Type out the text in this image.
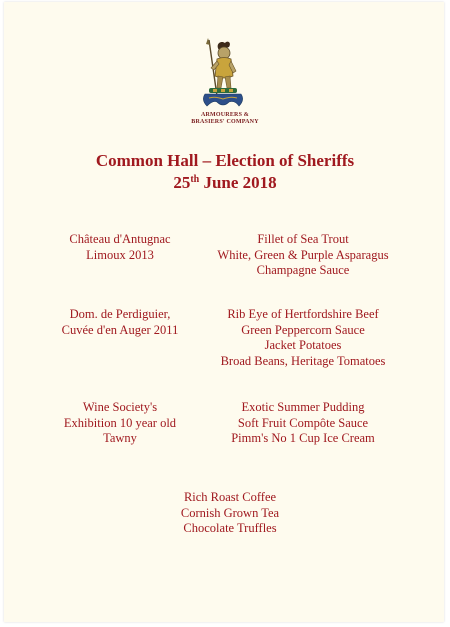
ARMOURERS &
BRASIERS' COMPANY
Common Hall – Election of Sheriffs
25th June 2018
Château d'Antugnac
Limoux 2013
Fillet of Sea Trout
White, Green & Purple Asparagus
Champagne Sauce
Dom. de Perdiguier,
Cuvée d'en Auger 2011
Rib Eye of Hertfordshire Beef
Green Peppercorn Sauce
Jacket Potatoes
Broad Beans, Heritage Tomatoes
Wine Society's
Exhibition 10 year old
Tawny
Exotic Summer Pudding
Soft Fruit Compôte Sauce
Pimm's No 1 Cup Ice Cream
Rich Roast Coffee
Cornish Grown Tea
Chocolate Truffles
